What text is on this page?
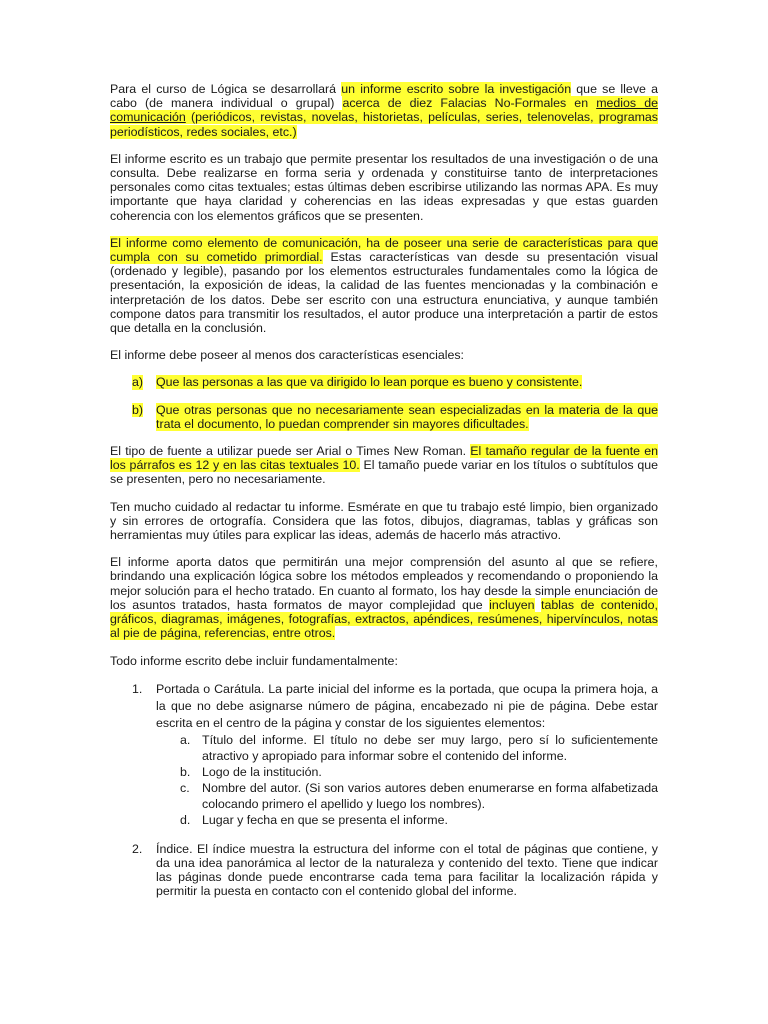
Para el curso de Lógica se desarrollará un informe escrito sobre la investigación que se lleve a cabo (de manera individual o grupal) acerca de diez Falacias No-Formales en medios de comunicación (periódicos, revistas, novelas, historietas, películas, series, telenovelas, programas periodísticos, redes sociales, etc.)

El informe escrito es un trabajo que permite presentar los resultados de una investigación o de una consulta. Debe realizarse en forma seria y ordenada y constituirse tanto de interpretaciones personales como citas textuales; estas últimas deben escribirse utilizando las normas APA. Es muy importante que haya claridad y coherencias en las ideas expresadas y que estas guarden coherencia con los elementos gráficos que se presenten.

El informe como elemento de comunicación, ha de poseer una serie de características para que cumpla con su cometido primordial. Estas características van desde su presentación visual (ordenado y legible), pasando por los elementos estructurales fundamentales como la lógica de presentación, la exposición de ideas, la calidad de las fuentes mencionadas y la combinación e interpretación de los datos. Debe ser escrito con una estructura enunciativa, y aunque también compone datos para transmitir los resultados, el autor produce una interpretación a partir de estos que detalla en la conclusión.

El informe debe poseer al menos dos características esenciales:

a) Que las personas a las que va dirigido lo lean porque es bueno y consistente.
b) Que otras personas que no necesariamente sean especializadas en la materia de la que trata el documento, lo puedan comprender sin mayores dificultades.

El tipo de fuente a utilizar puede ser Arial o Times New Roman. El tamaño regular de la fuente en los párrafos es 12 y en las citas textuales 10. El tamaño puede variar en los títulos o subtítulos que se presenten, pero no necesariamente.

Ten mucho cuidado al redactar tu informe. Esmérate en que tu trabajo esté limpio, bien organizado y sin errores de ortografía. Considera que las fotos, dibujos, diagramas, tablas y gráficas son herramientas muy útiles para explicar las ideas, además de hacerlo más atractivo.

El informe aporta datos que permitirán una mejor comprensión del asunto al que se refiere, brindando una explicación lógica sobre los métodos empleados y recomendando o proponiendo la mejor solución para el hecho tratado. En cuanto al formato, los hay desde la simple enunciación de los asuntos tratados, hasta formatos de mayor complejidad que incluyen tablas de contenido, gráficos, diagramas, imágenes, fotografías, extractos, apéndices, resúmenes, hipervínculos, notas al pie de página, referencias, entre otros.

Todo informe escrito debe incluir fundamentalmente:

1. Portada o Carátula. La parte inicial del informe es la portada, que ocupa la primera hoja, a la que no debe asignarse número de página, encabezado ni pie de página. Debe estar escrita en el centro de la página y constar de los siguientes elementos:
a. Título del informe. El título no debe ser muy largo, pero sí lo suficientemente atractivo y apropiado para informar sobre el contenido del informe.
b. Logo de la institución.
c. Nombre del autor. (Si son varios autores deben enumerarse en forma alfabetizada colocando primero el apellido y luego los nombres).
d. Lugar y fecha en que se presenta el informe.
2. Índice. El índice muestra la estructura del informe con el total de páginas que contiene, y da una idea panorámica al lector de la naturaleza y contenido del texto. Tiene que indicar las páginas donde puede encontrarse cada tema para facilitar la localización rápida y permitir la puesta en contacto con el contenido global del informe.
